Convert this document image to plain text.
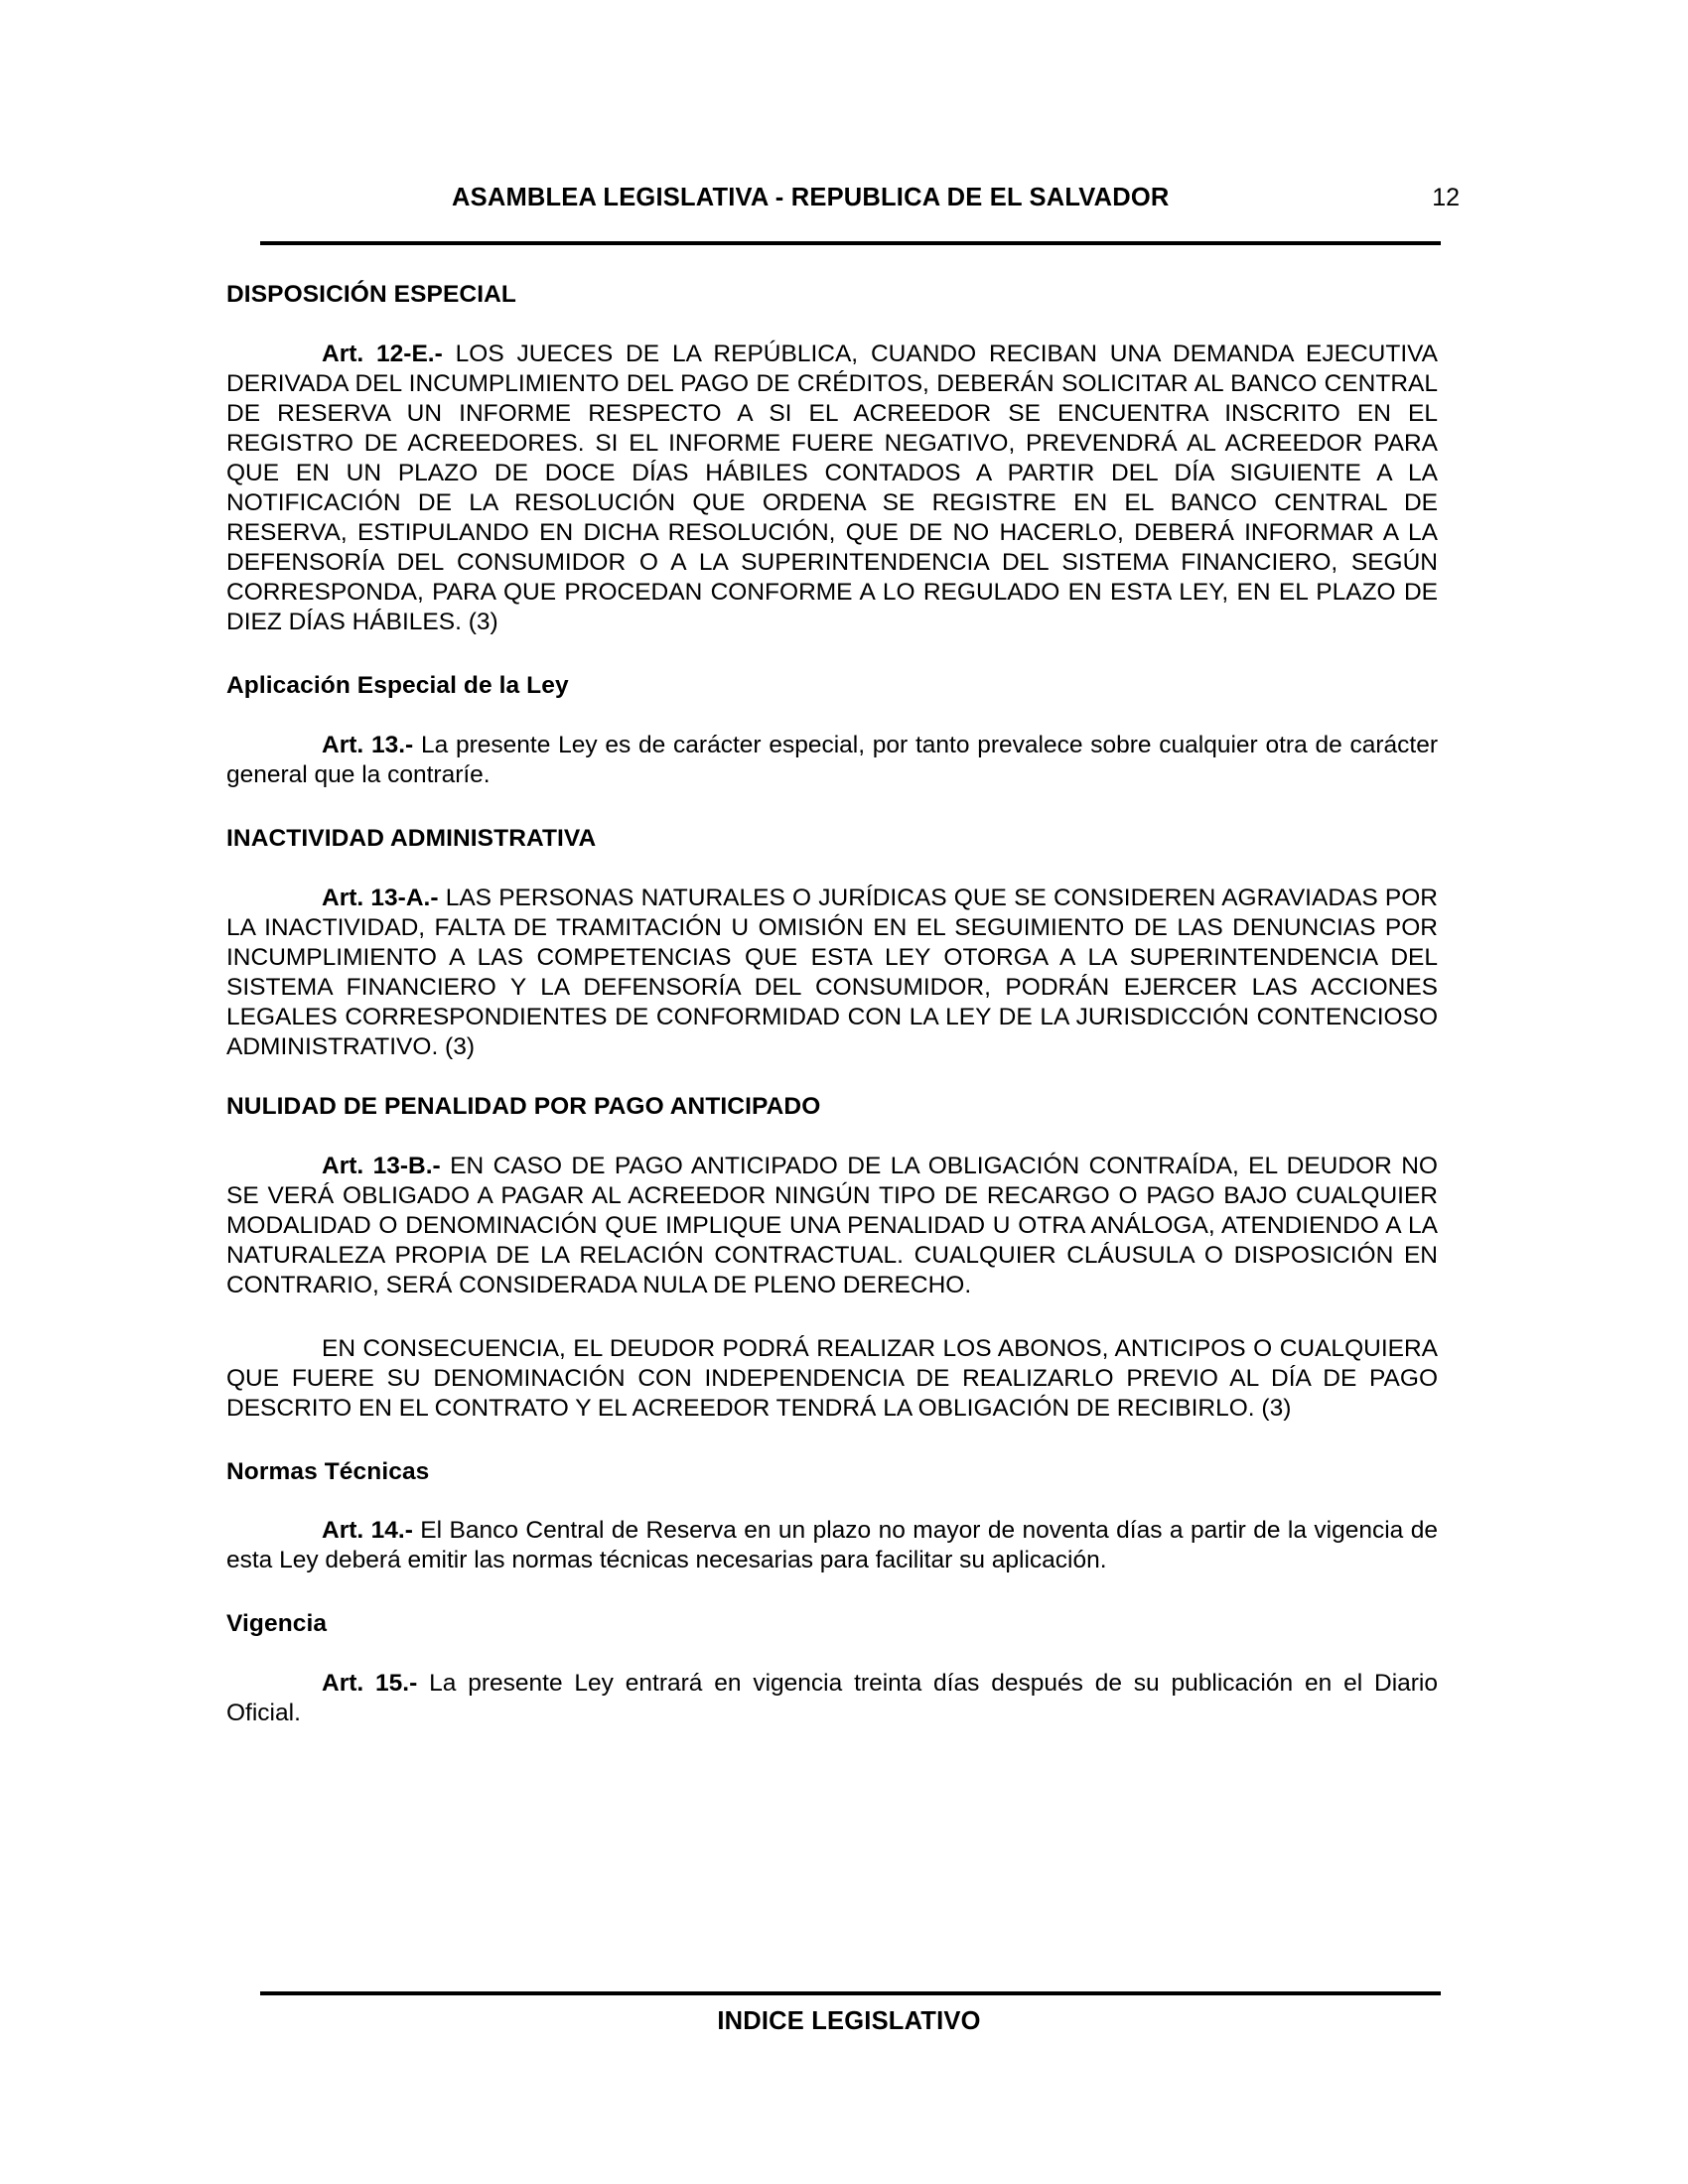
ASAMBLEA LEGISLATIVA - REPUBLICA DE EL SALVADOR	12
DISPOSICIÓN ESPECIAL

Art. 12-E.- LOS JUECES DE LA REPÚBLICA, CUANDO RECIBAN UNA DEMANDA EJECUTIVA DERIVADA DEL INCUMPLIMIENTO DEL PAGO DE CRÉDITOS, DEBERÁN SOLICITAR AL BANCO CENTRAL DE RESERVA UN INFORME RESPECTO A SI EL ACREEDOR SE ENCUENTRA INSCRITO EN EL REGISTRO DE ACREEDORES. SI EL INFORME FUERE NEGATIVO, PREVENDRÁ AL ACREEDOR PARA QUE EN UN PLAZO DE DOCE DÍAS HÁBILES CONTADOS A PARTIR DEL DÍA SIGUIENTE A LA NOTIFICACIÓN DE LA RESOLUCIÓN QUE ORDENA SE REGISTRE EN EL BANCO CENTRAL DE RESERVA, ESTIPULANDO EN DICHA RESOLUCIÓN, QUE DE NO HACERLO, DEBERÁ INFORMAR A LA DEFENSORÍA DEL CONSUMIDOR O A LA SUPERINTENDENCIA DEL SISTEMA FINANCIERO, SEGÚN CORRESPONDA, PARA QUE PROCEDAN CONFORME A LO REGULADO EN ESTA LEY, EN EL PLAZO DE DIEZ DÍAS HÁBILES. (3)

Aplicación Especial de la Ley

Art. 13.- La presente Ley es de carácter especial, por tanto prevalece sobre cualquier otra de carácter general que la contraríe.

INACTIVIDAD ADMINISTRATIVA

Art. 13-A.- LAS PERSONAS NATURALES O JURÍDICAS QUE SE CONSIDEREN AGRAVIADAS POR LA INACTIVIDAD, FALTA DE TRAMITACIÓN U OMISIÓN EN EL SEGUIMIENTO DE LAS DENUNCIAS POR INCUMPLIMIENTO A LAS COMPETENCIAS QUE ESTA LEY OTORGA A LA SUPERINTENDENCIA DEL SISTEMA FINANCIERO Y LA DEFENSORÍA DEL CONSUMIDOR, PODRÁN EJERCER LAS ACCIONES LEGALES CORRESPONDIENTES DE CONFORMIDAD CON LA LEY DE LA JURISDICCIÓN CONTENCIOSO ADMINISTRATIVO. (3)

NULIDAD DE PENALIDAD POR PAGO ANTICIPADO

Art. 13-B.- EN CASO DE PAGO ANTICIPADO DE LA OBLIGACIÓN CONTRAÍDA, EL DEUDOR NO SE VERÁ OBLIGADO A PAGAR AL ACREEDOR NINGÚN TIPO DE RECARGO O PAGO BAJO CUALQUIER MODALIDAD O DENOMINACIÓN QUE IMPLIQUE UNA PENALIDAD U OTRA ANÁLOGA, ATENDIENDO A LA NATURALEZA PROPIA DE LA RELACIÓN CONTRACTUAL. CUALQUIER CLÁUSULA O DISPOSICIÓN EN CONTRARIO, SERÁ CONSIDERADA NULA DE PLENO DERECHO.

EN CONSECUENCIA, EL DEUDOR PODRÁ REALIZAR LOS ABONOS, ANTICIPOS O CUALQUIERA QUE FUERE SU DENOMINACIÓN CON INDEPENDENCIA DE REALIZARLO PREVIO AL DÍA DE PAGO DESCRITO EN EL CONTRATO Y EL ACREEDOR TENDRÁ LA OBLIGACIÓN DE RECIBIRLO. (3)

Normas Técnicas

Art. 14.- El Banco Central de Reserva en un plazo no mayor de noventa días a partir de la vigencia de esta Ley deberá emitir las normas técnicas necesarias para facilitar su aplicación.

Vigencia

Art. 15.- La presente Ley entrará en vigencia treinta días después de su publicación en el Diario Oficial.

INDICE LEGISLATIVO
